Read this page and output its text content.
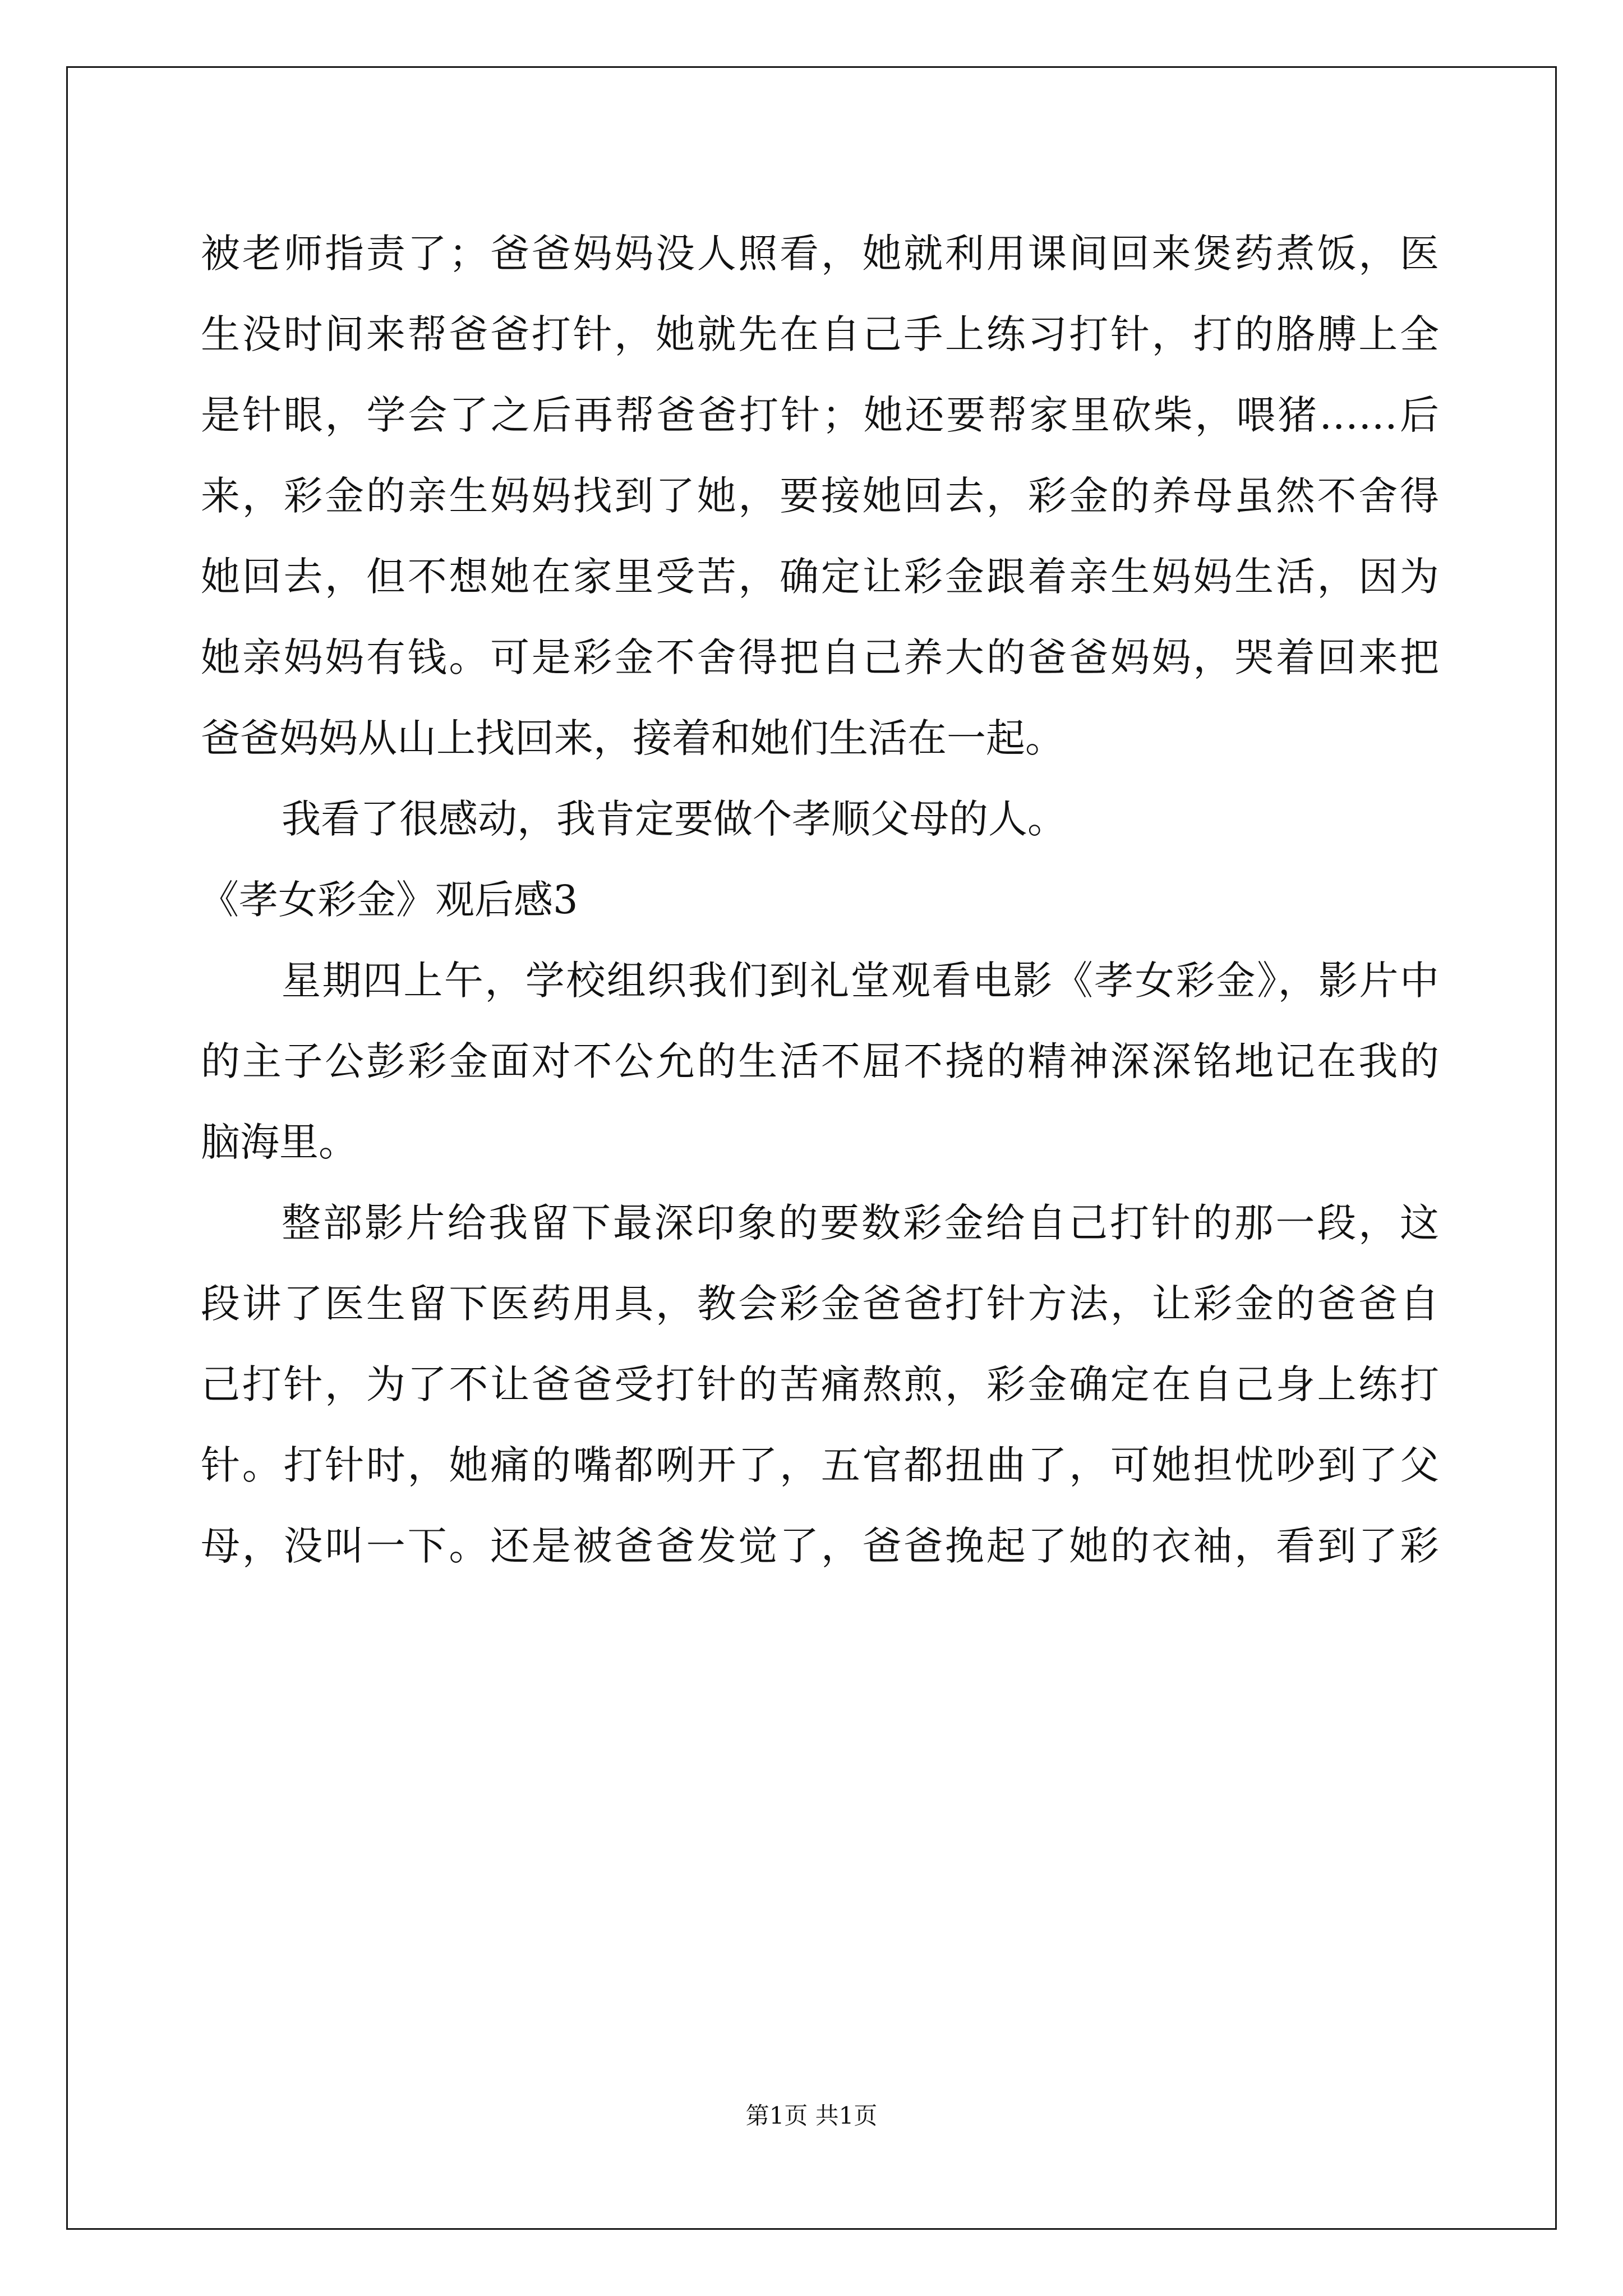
被老师指责了；爸爸妈妈没人照看，她就利用课间回来煲药煮饭，医
生没时间来帮爸爸打针，她就先在自己手上练习打针，打的胳膊上全
是针眼，学会了之后再帮爸爸打针；她还要帮家里砍柴，喂猪……后
来，彩金的亲生妈妈找到了她，要接她回去，彩金的养母虽然不舍得
她回去，但不想她在家里受苦，确定让彩金跟着亲生妈妈生活，因为
她亲妈妈有钱。可是彩金不舍得把自己养大的爸爸妈妈，哭着回来把
爸爸妈妈从山上找回来，接着和她们生活在一起。
我看了很感动，我肯定要做个孝顺父母的人。
《孝女彩金》观后感3
星期四上午，学校组织我们到礼堂观看电影《孝女彩金》，影片中
的主子公彭彩金面对不公允的生活不屈不挠的精神深深铭地记在我的
脑海里。
整部影片给我留下最深印象的要数彩金给自己打针的那一段，这
段讲了医生留下医药用具，教会彩金爸爸打针方法，让彩金的爸爸自
己打针，为了不让爸爸受打针的苦痛熬煎，彩金确定在自己身上练打
针。打针时，她痛的嘴都咧开了，五官都扭曲了，可她担忧吵到了父
母，没叫一下。还是被爸爸发觉了，爸爸挽起了她的衣袖，看到了彩
第1页 共1页
